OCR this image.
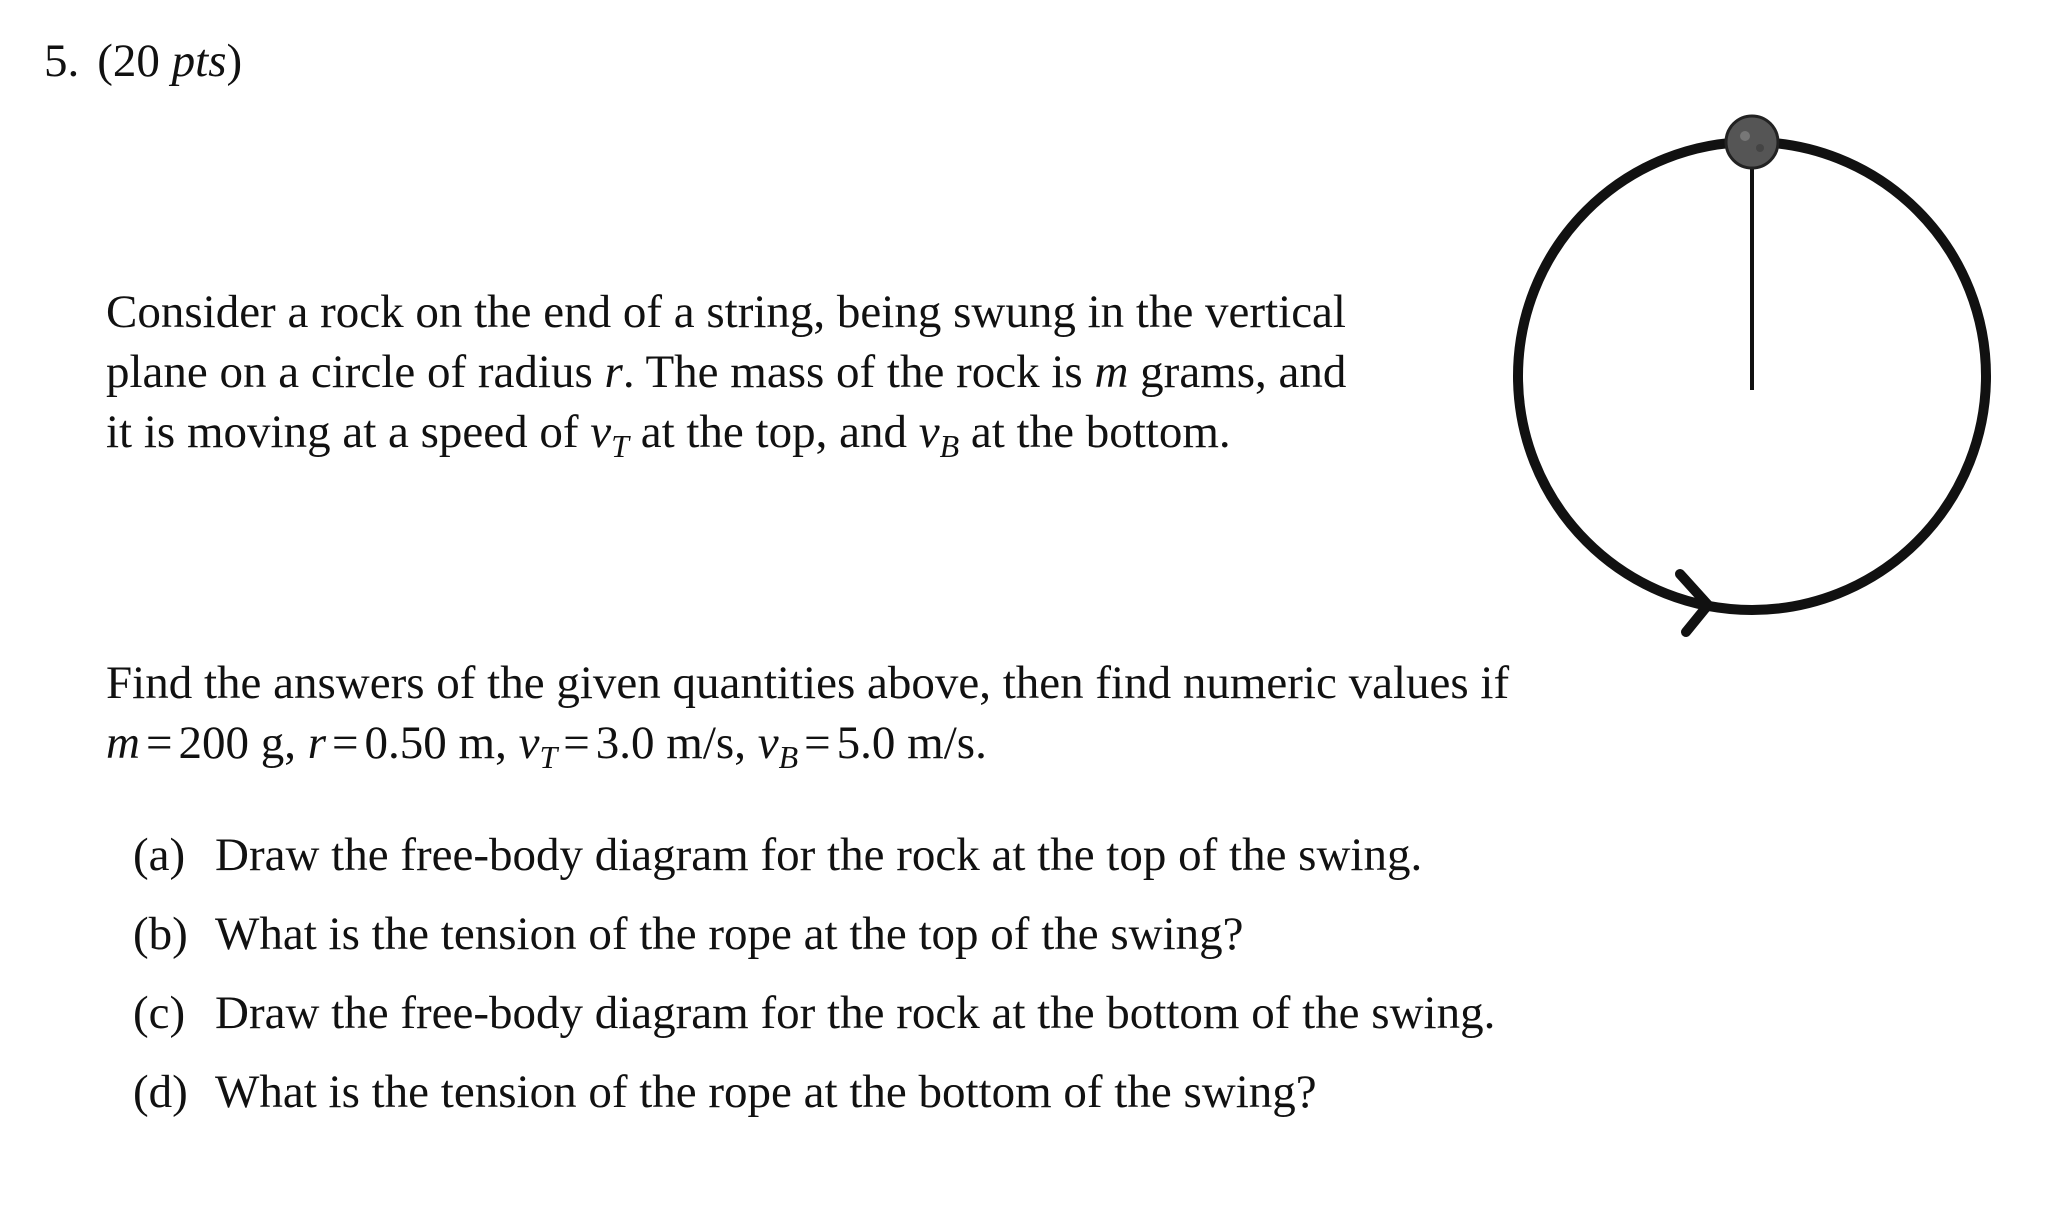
5. (20 pts)
Consider a rock on the end of a string, being swung in the vertical
plane on a circle of radius r. The mass of the rock is m grams, and
it is moving at a speed of $v_T$ at the top, and $v_B$ at the bottom.
Find the answers of the given quantities above, then find numeric values if
m = 200 g, r = 0.50 m, $v_T = 3.0$ m/s, $v_B = 5.0$ m/s.
(a) Draw the free-body diagram for the rock at the top of the swing.
(b) What is the tension of the rope at the top of the swing?
(c) Draw the free-body diagram for the rock at the bottom of the swing.
(d) What is the tension of the rope at the bottom of the swing?
